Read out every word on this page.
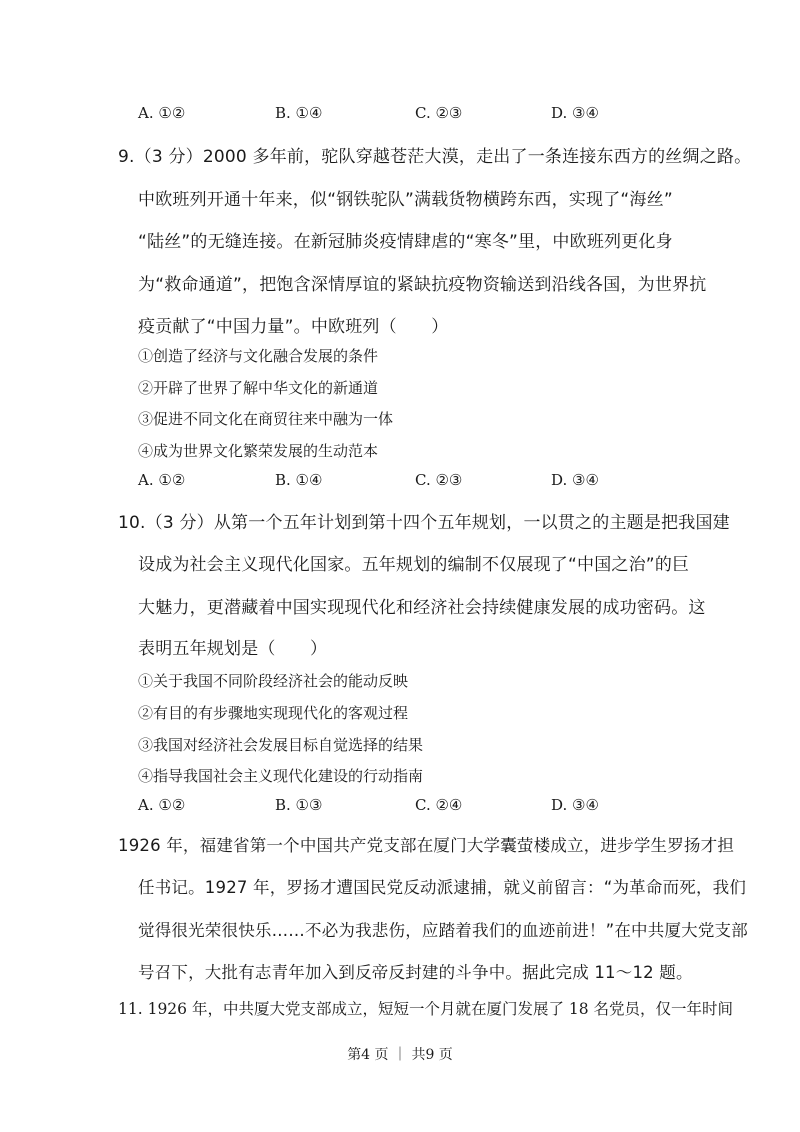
A. ①②	B. ①④	C. ②③	D. ③④
9.（3 分）2000 多年前，驼队穿越苍茫大漠，走出了一条连接东西方的丝绸之路。
中欧班列开通十年来，似“钢铁驼队”满载货物横跨东西，实现了“海丝”
“陆丝”的无缝连接。在新冠肺炎疫情肆虐的“寒冬”里，中欧班列更化身
为“救命通道”，把饱含深情厚谊的紧缺抗疫物资输送到沿线各国，为世界抗
疫贡献了“中国力量”。中欧班列（　　）
①创造了经济与文化融合发展的条件
②开辟了世界了解中华文化的新通道
③促进不同文化在商贸往来中融为一体
④成为世界文化繁荣发展的生动范本
A. ①②	B. ①④	C. ②③	D. ③④
10.（3 分）从第一个五年计划到第十四个五年规划，一以贯之的主题是把我国建
设成为社会主义现代化国家。五年规划的编制不仅展现了“中国之治”的巨
大魅力，更潜藏着中国实现现代化和经济社会持续健康发展的成功密码。这
表明五年规划是（　　）
①关于我国不同阶段经济社会的能动反映
②有目的有步骤地实现现代化的客观过程
③我国对经济社会发展目标自觉选择的结果
④指导我国社会主义现代化建设的行动指南
A. ①②	B. ①③	C. ②④	D. ③④
1926 年，福建省第一个中国共产党支部在厦门大学囊萤楼成立，进步学生罗扬才担
任书记。1927 年，罗扬才遭国民党反动派逮捕，就义前留言：“为革命而死，我们
觉得很光荣很快乐……不必为我悲伤，应踏着我们的血迹前进！”在中共厦大党支部
号召下，大批有志青年加入到反帝反封建的斗争中。据此完成 11～12 题。
11. 1926 年，中共厦大党支部成立，短短一个月就在厦门发展了 18 名党员，仅一年时间
第4 页 ｜ 共9 页
